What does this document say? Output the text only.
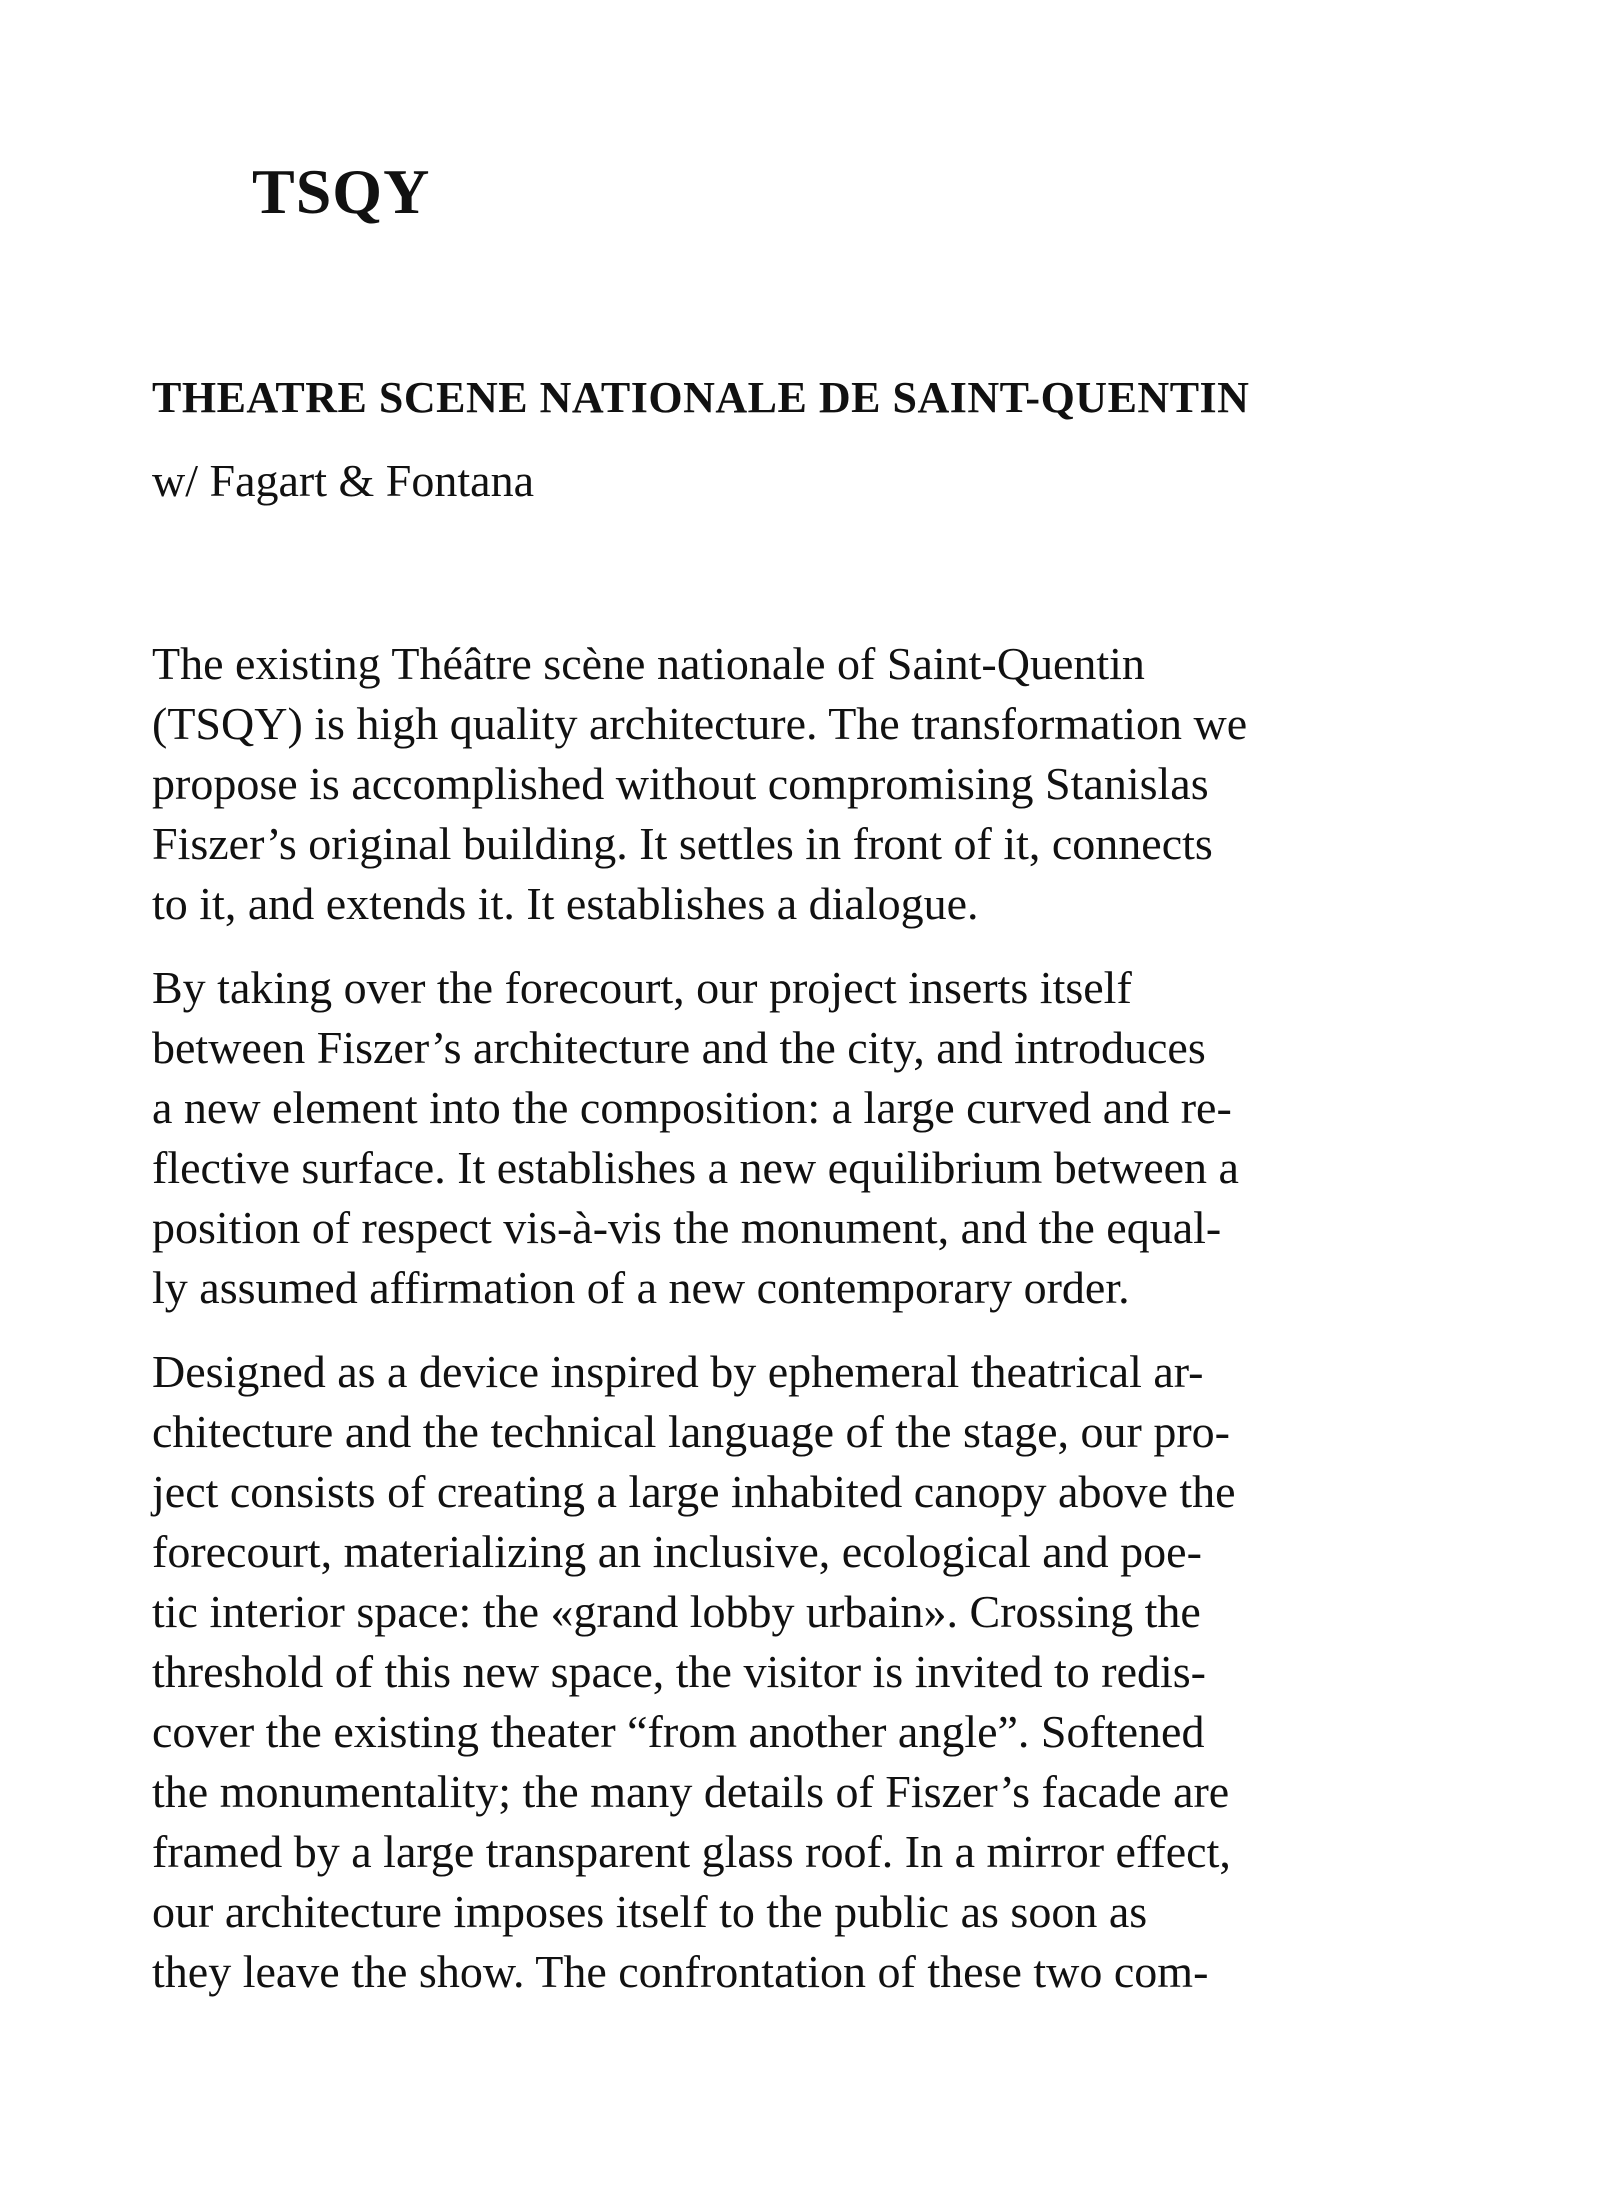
TSQY
THEATRE SCENE NATIONALE DE SAINT-QUENTIN

w/ Fagart & Fontana

The existing Théâtre scène nationale of Saint-Quentin
(TSQY) is high quality architecture. The transformation we
propose is accomplished without compromising Stanislas
Fiszer’s original building. It settles in front of it, connects
to it, and extends it. It establishes a dialogue.

By taking over the forecourt, our project inserts itself
between Fiszer’s architecture and the city, and introduces
a new element into the composition: a large curved and re-
flective surface. It establishes a new equilibrium between a
position of respect vis-à-vis the monument, and the equal-
ly assumed affirmation of a new contemporary order.

Designed as a device inspired by ephemeral theatrical ar-
chitecture and the technical language of the stage, our pro-
ject consists of creating a large inhabited canopy above the
forecourt, materializing an inclusive, ecological and poe-
tic interior space: the «grand lobby urbain». Crossing the
threshold of this new space, the visitor is invited to redis-
cover the existing theater “from another angle”. Softened
the monumentality; the many details of Fiszer’s facade are
framed by a large transparent glass roof. In a mirror effect,
our architecture imposes itself to the public as soon as
they leave the show. The confrontation of these two com-
